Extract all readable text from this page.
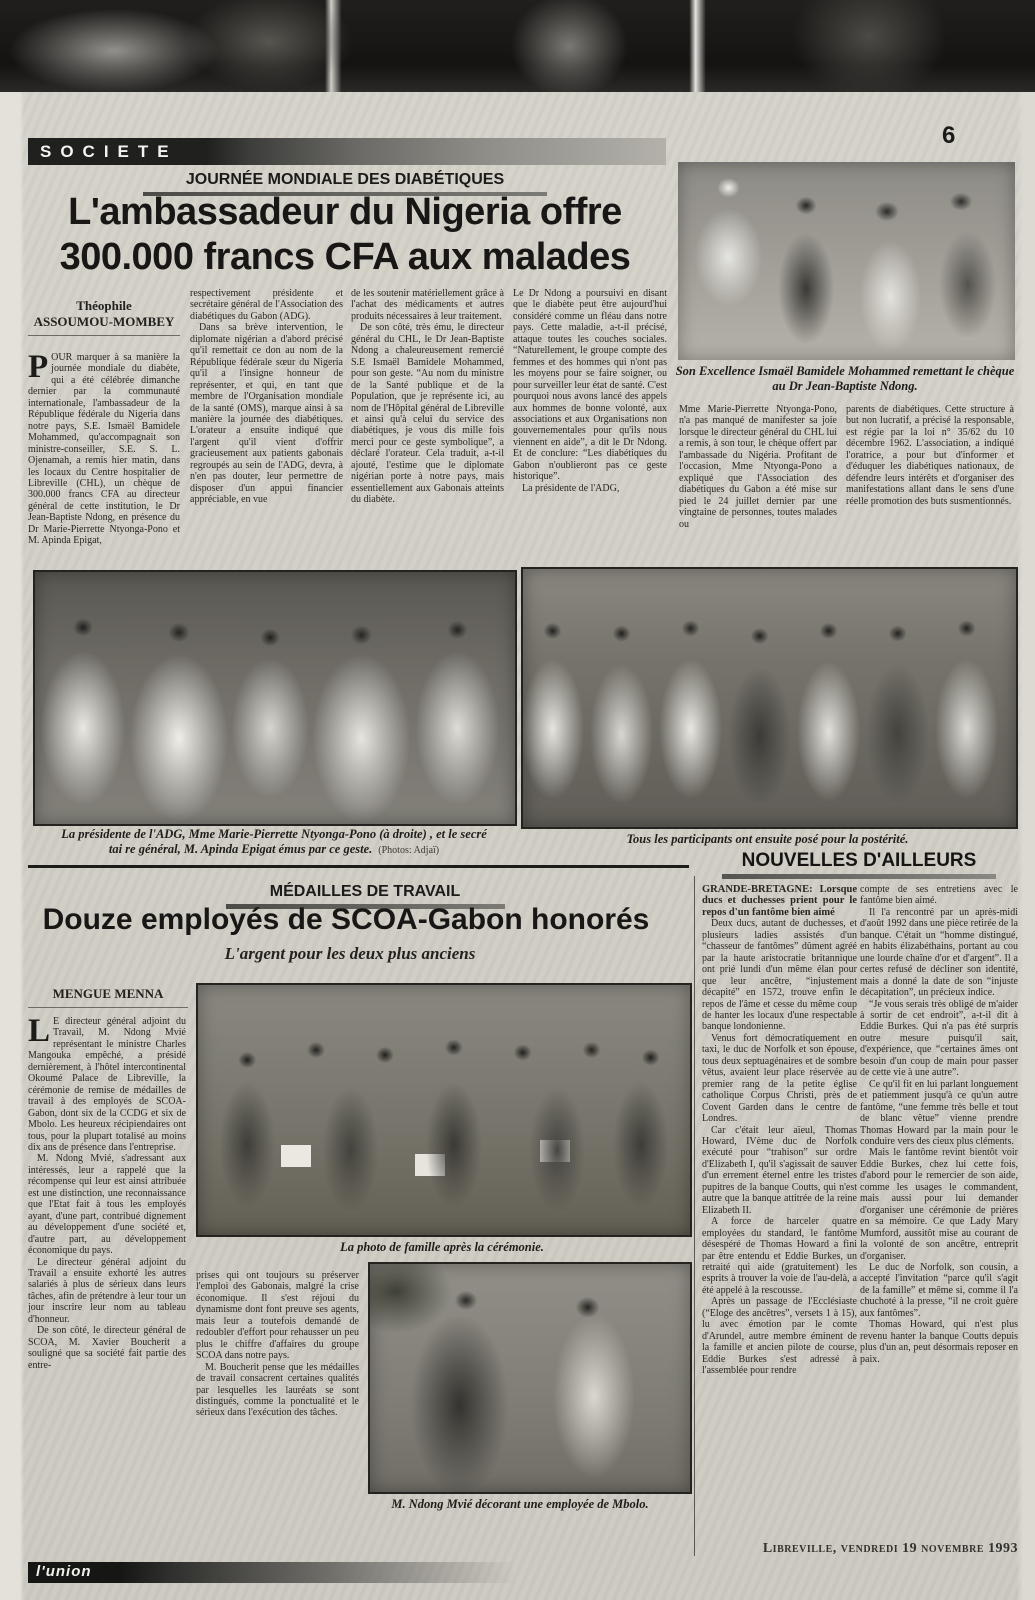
SOCIETE
6
JOURNÉE MONDIALE DES DIABÉTIQUES
L'ambassadeur du Nigeria offre
300.000 francs CFA aux malades
Son Excellence Ismaël Bamidele Mohammed remettant le chèque au Dr Jean-Baptiste Ndong.
Théophile
ASSOUMOU-MOMBEY

POUR marquer à sa manière la journée mondiale du diabète, qui a été célébrée dimanche dernier par la communauté internationale, l'ambassadeur de la République fédérale du Nigeria dans notre pays, S.E. Ismaël Bamidele Mohammed, qu'accompagnait son ministre-conseiller, S.E. S. L. Ojenamah, a remis hier matin, dans les locaux du Centre hospitalier de Libreville (CHL), un chèque de 300.000 francs CFA au directeur général de cette institution, le Dr Jean-Baptiste Ndong, en présence du Dr Marie-Pierrette Ntyonga-Pono et M. Apinda Epigat,

respectivement présidente et secrétaire général de l'Association des diabétiques du Gabon (ADG).

Dans sa brève intervention, le diplomate nigérian a d'abord précisé qu'il remettait ce don au nom de la République fédérale sœur du Nigeria qu'il a l'insigne honneur de représenter, et qui, en tant que membre de l'Organisation mondiale de la santé (OMS), marque ainsi à sa manière la journée des diabétiques. L'orateur a ensuite indiqué que l'argent qu'il vient d'offrir gracieusement aux patients gabonais regroupés au sein de l'ADG, devra, à n'en pas douter, leur permettre de disposer d'un appui financier appréciable, en vue

de les soutenir matériellement grâce à l'achat des médicaments et autres produits nécessaires à leur traitement.

De son côté, très ému, le directeur général du CHL, le Dr Jean-Baptiste Ndong a chaleureusement remercié S.E Ismaël Bamidele Mohammed, pour son geste. “Au nom du ministre de la Santé publique et de la Population, que je représente ici, au nom de l'Hôpital général de Libreville et ainsi qu'à celui du service des diabétiques, je vous dis mille fois merci pour ce geste symbolique”, a déclaré l'orateur. Cela traduit, a-t-il ajouté, l'estime que le diplomate nigérian porte à notre pays, mais essentiellement aux Gabonais atteints du diabète.

Le Dr Ndong a poursuivi en disant que le diabète peut être aujourd'hui considéré comme un fléau dans notre pays. Cette maladie, a-t-il précisé, attaque toutes les couches sociales. “Naturellement, le groupe compte des femmes et des hommes qui n'ont pas les moyens pour se faire soigner, ou pour surveiller leur état de santé. C'est pourquoi nous avons lancé des appels aux hommes de bonne volonté, aux associations et aux Organisations non gouvernementales pour qu'ils nous viennent en aide”, a dit le Dr Ndong. Et de conclure: “Les diabétiques du Gabon n'oublieront pas ce geste historique”.

La présidente de l'ADG,

Mme Marie-Pierrette Ntyonga-Pono, n'a pas manqué de manifester sa joie lorsque le directeur général du CHL lui a remis, à son tour, le chèque offert par l'ambassade du Nigéria. Profitant de l'occasion, Mme Ntyonga-Pono a expliqué que l'Association des diabétiques du Gabon a été mise sur pied le 24 juillet dernier par une vingtaine de personnes, toutes malades ou

parents de diabétiques. Cette structure à but non lucratif, a précisé la responsable, est régie par la loi n° 35/62 du 10 décembre 1962. L'association, a indiqué l'oratrice, a pour but d'informer et d'éduquer les diabétiques nationaux, de défendre leurs intérêts et d'organiser des manifestations allant dans le sens d'une réelle promotion des buts susmentionnés.

La présidente de l'ADG, Mme Marie-Pierrette Ntyonga-Pono (à droite) , et le secré
tai re général, M. Apinda Epigat émus par ce geste. (Photos: Adjaï)
Tous les participants ont ensuite posé pour la postérité.
MÉDAILLES DE TRAVAIL
Douze employés de SCOA-Gabon honorés
L'argent pour les deux plus anciens
MENGUE MENNA

L E directeur général adjoint du Travail, M. Ndong Mvié représentant le ministre Charles Mangouka empêché, a présidé dernièrement, à l'hôtel intercontinental Okoumé Palace de Libreville, la cérémonie de remise de médailles de travail à des employés de SCOA-Gabon, dont six de la CCDG et six de Mbolo. Les heureux récipiendaires ont tous, pour la plupart totalisé au moins dix ans de présence dans l'entreprise.

M. Ndong Mvié, s'adressant aux intéressés, leur a rappelé que la récompense qui leur est ainsi attribuée est une distinction, une reconnaissance que l'Etat fait à tous les employés ayant, d'une part, contribué dignement au développement d'une société et, d'autre part, au développement économique du pays.

Le directeur général adjoint du Travail a ensuite exhorté les autres salariés à plus de sérieux dans leurs tâches, afin de prétendre à leur tour un jour inscrire leur nom au tableau d'honneur.

De son côté, le directeur général de SCOA, M. Xavier Boucherit a souligné que sa société fait partie des entre-

La photo de famille après la cérémonie.

prises qui ont toujours su préserver l'emploi des Gabonais, malgré la crise économique. Il s'est réjoui du dynamisme dont font preuve ses agents, mais leur a toutefois demandé de redoubler d'effort pour rehausser un peu plus le chiffre d'affaires du groupe SCOA dans notre pays.

M. Boucherit pense que les médailles de travail consacrent certaines qualités par lesquelles les lauréats se sont distingués, comme la ponctualité et le sérieux dans l'exécution des tâches.

M. Ndong Mvié décorant une employée de Mbolo.
NOUVELLES D'AILLEURS

GRANDE-BRETAGNE: Lorsque ducs et duchesses prient pour le repos d'un fantôme bien aimé

Deux ducs, autant de duchesses, et plusieurs ladies assistés d'un “chasseur de fantômes” dûment agréé par la haute aristocratie britannique ont prié lundi d'un même élan pour que leur ancêtre, “injustement décapité” en 1572, trouve enfin le repos de l'âme et cesse du même coup de hanter les locaux d'une respectable banque londonienne.

Venus fort démocratiquement en taxi, le duc de Norfolk et son épouse, tous deux septuagénaires et de sombre vêtus, avaient leur place réservée au premier rang de la petite église catholique Corpus Christi, près de Covent Garden dans le centre de Londres.

Car c'était leur aïeul, Thomas Howard, IVème duc de Norfolk exécuté pour “trahison” sur ordre d'Elizabeth I, qu'il s'agissait de sauver d'un errement éternel entre les tristes pupitres de la banque Coutts, qui n'est autre que la banque attitrée de la reine Elizabeth II.

A force de harceler quatre employées du standard, le fantôme désespéré de Thomas Howard a fini par être entendu et Eddie Burkes, un retraité qui aide (gratuitement) les esprits à trouver la voie de l'au-delà, a été appelé à la rescousse.

Après un passage de l'Ecclésiaste (“Eloge des ancêtres”, versets 1 à 15), lu avec émotion par le comte d'Arundel, autre membre éminent de la famille et ancien pilote de course, Eddie Burkes s'est adressé à l'assemblée pour rendre

compte de ses entretiens avec le fantôme bien aimé.

Il l'a rencontré par un après-midi d'août 1992 dans une pièce retirée de la banque. C'était un “homme distingué, en habits élizabéthains, portant au cou une lourde chaîne d'or et d'argent”. Il a certes refusé de décliner son identité, mais a donné la date de son “injuste décapitation”, un précieux indice.

“Je vous serais très obligé de m'aider à sortir de cet endroit”, a-t-il dit à Eddie Burkes. Qui n'a pas été surpris outre mesure puisqu'il sait, d'expérience, que “certaines âmes ont besoin d'un coup de main pour passer de cette vie à une autre”.

Ce qu'il fit en lui parlant longuement et patiemment jusqu'à ce qu'un autre fantôme, “une femme très belle et tout de blanc vêtue” vienne prendre Thomas Howard par la main pour le conduire vers des cieux plus cléments.

Mais le fantôme revint bientôt voir Eddie Burkes, chez lui cette fois, d'abord pour le remercier de son aide, comme les usages le commandent, mais aussi pour lui demander d'organiser une cérémonie de prières en sa mémoire. Ce que Lady Mary Mumford, aussitôt mise au courant de la volonté de son ancêtre, entreprit d'organiser.

Le duc de Norfolk, son cousin, a accepté l'invitation “parce qu'il s'agit de la famille” et même si, comme il l'a chuchoté à la presse, “il ne croit guère aux fantômes”.

Thomas Howard, qui n'est plus revenu hanter la banque Coutts depuis plus d'un an, peut désormais reposer en paix.

l'union
Libreville, vendredi 19 novembre 1993
